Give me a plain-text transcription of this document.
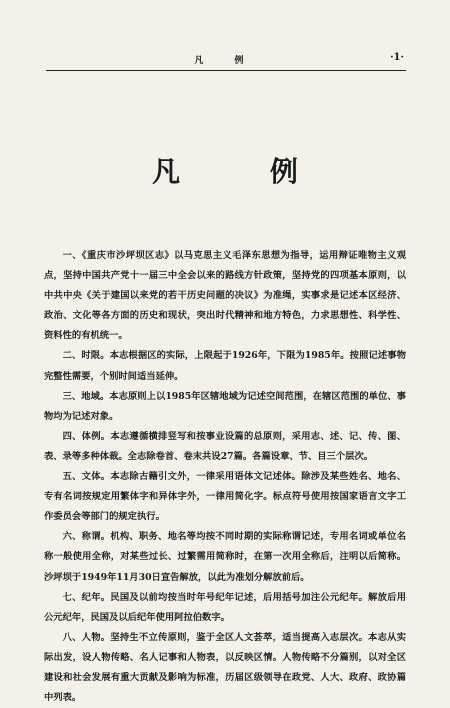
凡 例	·1·
凡 例

一、《重庆市沙坪坝区志》以马克思主义毛泽东思想为指导，运用辩证唯物主义观点，坚持中国共产党十一届三中全会以来的路线方针政策，坚持党的四项基本原则，以中共中央《关于建国以来党的若干历史问题的决议》为准绳，实事求是记述本区经济、政治、文化等各方面的历史和现状，突出时代精神和地方特色，力求思想性、科学性、资料性的有机统一。

二、时限。本志根据区的实际，上限起于1926年，下限为1985年。按照记述事物完整性需要，个别时间适当延伸。

三、地域。本志原则上以1985年区辖地域为记述空间范围，在辖区范围的单位、事物均为记述对象。

四、体例。本志遵循横排竖写和按事业设篇的总原则，采用志、述、记、传、图、表、录等多种体裁。全志除卷首、卷末共设27篇。各篇设章、节、目三个层次。

五、文体。本志除古籍引文外，一律采用语体文记述体。除涉及某些姓名、地名、专有名词按规定用繁体字和异体字外，一律用简化字。标点符号使用按国家语言文字工作委员会等部门的规定执行。

六、称谓。机构、职务、地名等均按不同时期的实际称谓记述，专用名词或单位名称一般使用全称，对某些过长、过繁需用简称时，在第一次用全称后，注明以后简称。沙坪坝于1949年11月30日宣告解放，以此为准划分解放前后。

七、纪年。民国及以前均按当时年号纪年记述，后用括号加注公元纪年。解放后用公元纪年，民国及以后纪年使用阿拉伯数字。

八、人物。坚持生不立传原则，鉴于全区人文荟萃，适当提高入志层次。本志从实际出发，设人物传略、名人记事和人物表，以反映区情。人物传略不分篇别，以对全区建设和社会发展有重大贡献及影响为标准，历届区级领导在政党、人大、政府、政协篇中列表。
